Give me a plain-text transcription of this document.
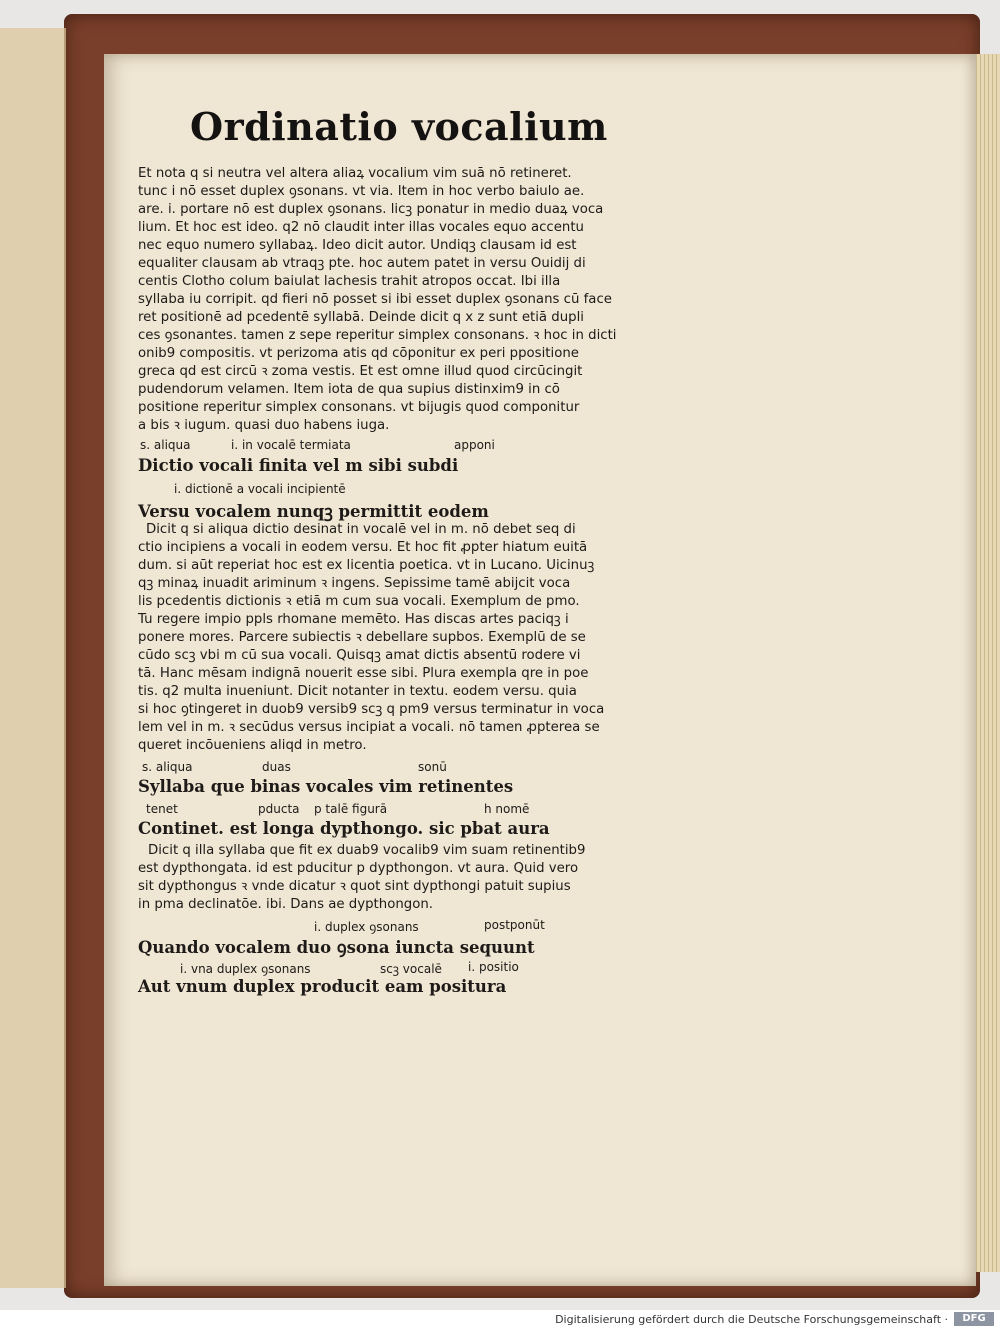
Ordinatio vocalium
Et nota q si neutra vel altera aliaꝝ vocalium vim suā nō retineret.
tunc i nō esset duplex ꝯsonans. vt via. Item in hoc verbo baiulo ae.
are. i. portare nō est duplex ꝯsonans. licꝫ ponatur in medio duaꝝ voca
lium. Et hoc est ideo. q2 nō claudit inter illas vocales equo accentu
nec equo numero syllabaꝝ. Ideo dicit autor. Undiqꝫ clausam id est
equaliter clausam ab vtraqꝫ pte. hoc autem patet in versu Ouidij di
centis Clotho colum baiulat lachesis trahit atropos occat. Ibi illa
syllaba iu corripit. qd fieri nō posset si ibi esset duplex ꝯsonans cū face
ret positionē ad pcedentē syllabā. Deinde dicit q x z sunt etiā dupli
ces ꝯsonantes. tamen z sepe reperitur simplex consonans. ꝛ hoc in dicti
onib9 compositis. vt perizoma atis qd cōponitur ex peri ppositione
greca qd est circū ꝛ zoma vestis. Et est omne illud quod circūcingit
pudendorum velamen. Item iota de qua supius distinxim9 in cō
positione reperitur simplex consonans. vt bijugis quod componitur
a bis ꝛ iugum. quasi duo habens iuga.
s. aliqua	i. in vocalē termiata	apponi
Dictio vocali finita vel m sibi subdi
i. dictionē a vocali incipientē
Versu vocalem nunqꝫ permittit eodem
Dicit q si aliqua dictio desinat in vocalē vel in m. nō debet seq di
ctio incipiens a vocali in eodem versu. Et hoc fit ꝓpter hiatum euitā
dum. si aūt reperiat hoc est ex licentia poetica. vt in Lucano. Uicinuꝫ
qꝫ minaꝝ inuadit ariminum ꝛ ingens. Sepissime tamē abijcit voca
lis pcedentis dictionis ꝛ etiā m cum sua vocali. Exemplum de pmo.
Tu regere impio ppls rhomane memēto. Has discas artes paciqꝫ i
ponere mores. Parcere subiectis ꝛ debellare supbos. Exemplū de se
cūdo scꝫ vbi m cū sua vocali. Quisqꝫ amat dictis absentū rodere vi
tā. Hanc mēsam indignā nouerit esse sibi. Plura exempla qre in poe
tis. q2 multa inueniunt. Dicit notanter in textu. eodem versu. quia
si hoc ꝯtingeret in duob9 versib9 scꝫ q pm9 versus terminatur in voca
lem vel in m. ꝛ secūdus versus incipiat a vocali. nō tamen ꝓpterea se
queret incōueniens aliqd in metro.
s. aliqua	duas	sonū
Syllaba que binas vocales vim retinentes
tenet	pducta p talē figurā	h nomē
Continet. est longa dypthongo. sic pbat aura
Dicit q illa syllaba que fit ex duab9 vocalib9 vim suam retinentib9
est dypthongata. id est pducitur p dypthongon. vt aura. Quid vero
sit dypthongus ꝛ vnde dicatur ꝛ quot sint dypthongi patuit supius
in pma declinatōe. ibi. Dans ae dypthongon.
i. duplex ꝯsonans	postponūt
Quando vocalem duo ꝯsona iuncta sequunt
i. vna duplex ꝯsonans	scꝫ vocalē i. positio
Aut vnum duplex producit eam positura
Digitalisierung gefördert durch die Deutsche Forschungsgemeinschaft ·	DFG
